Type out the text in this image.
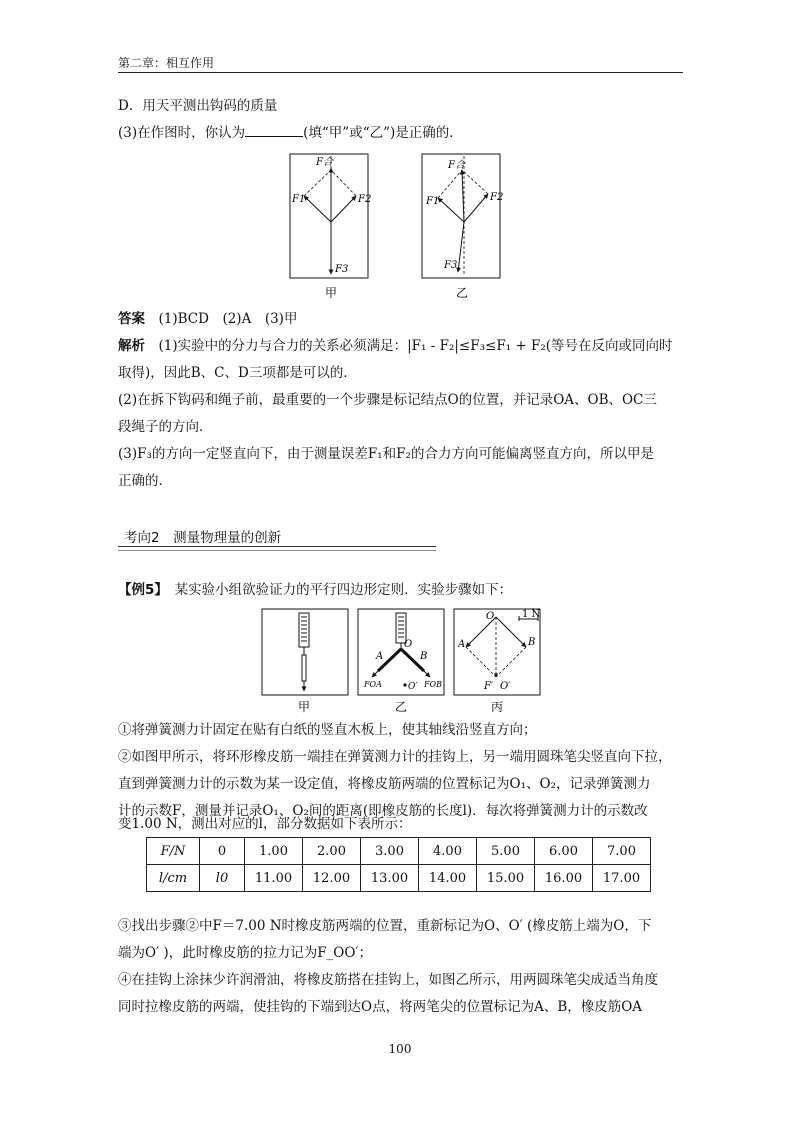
第二章：相互作用
D．用天平测出钩码的质量
(3)在作图时，你认为	(填“甲”或“乙”)是正确的．
F合
F1	F2
F3
F合
F1	F2
F3
甲	乙
答案　 (1)BCD　(2)A　(3)甲
解析　 (1)实验中的分力与合力的关系必须满足：|F₁ - F₂|≤F₃≤F₁ + F₂(等号在反向或同向时
取得)，因此B、C、D三项都是可以的．
(2)在拆下钩码和绳子前，最重要的一个步骤是标记结点O的位置，并记录OA、OB、OC三
段绳子的方向．
(3)F₃的方向一定竖直向下，由于测量误差F₁和F₂的合力方向可能偏离竖直方向，所以甲是
正确的．
考向2　测量物理量的创新
【例5】　 某实验小组欲验证力的平行四边形定则．实验步骤如下：
O
A	B
O′
FOA	FOB
1 N
O
A	B
F′ O′
甲	乙	丙
①将弹簧测力计固定在贴有白纸的竖直木板上，使其轴线沿竖直方向；
②如图甲所示，将环形橡皮筋一端挂在弹簧测力计的挂钩上，另一端用圆珠笔尖竖直向下拉，
直到弹簧测力计的示数为某一设定值，将橡皮筋两端的位置标记为O₁、O₂，记录弹簧测力
计的示数F，测量并记录O₁、O₂间的距离(即橡皮筋的长度l)．每次将弹簧测力计的示数改
变1.00 N，测出对应的l，部分数据如下表所示：
F/N	0	1.00	2.00	3.00	4.00	5.00	6.00	7.00
l/cm	l0	11.00	12.00	13.00	14.00	15.00	16.00	17.00
③找出步骤②中F＝7.00 N时橡皮筋两端的位置，重新标记为O、O′ (橡皮筋上端为O，下
端为O′ )，此时橡皮筋的拉力记为F_OO′；
④在挂钩上涂抹少许润滑油，将橡皮筋搭在挂钩上，如图乙所示，用两圆珠笔尖成适当角度
同时拉橡皮筋的两端，使挂钩的下端到达O点，将两笔尖的位置标记为A、B，橡皮筋OA
100
